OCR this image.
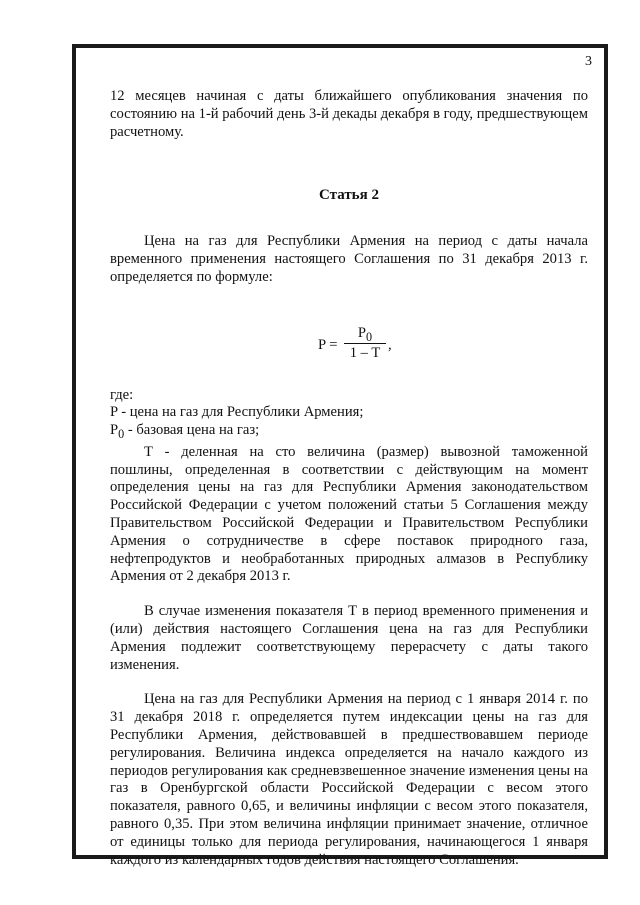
3

12 месяцев начиная с даты ближайшего опубликования значения по состоянию на 1-й рабочий день 3-й декады декабря в году, предшествующем расчетному.

Статья 2

Цена на газ для Республики Армения на период с даты начала временного применения настоящего Соглашения по 31 декабря 2013 г. определяется по формуле:

$P = \frac{P_0}{1 - T}$ ,

где:

P - цена на газ для Республики Армения;

$P_0$ - базовая цена на газ;

Т - деленная на сто величина (размер) вывозной таможенной пошлины, определенная в соответствии с действующим на момент определения цены на газ для Республики Армения законодательством Российской Федерации с учетом положений статьи 5 Соглашения между Правительством Российской Федерации и Правительством Республики Армения о сотрудничестве в сфере поставок природного газа, нефтепродуктов и необработанных природных алмазов в Республику Армения от 2 декабря 2013 г.

В случае изменения показателя Т в период временного применения и (или) действия настоящего Соглашения цена на газ для Республики Армения подлежит соответствующему перерасчету с даты такого изменения.

Цена на газ для Республики Армения на период с 1 января 2014 г. по 31 декабря 2018 г. определяется путем индексации цены на газ для Республики Армения, действовавшей в предшествовавшем периоде регулирования. Величина индекса определяется на начало каждого из периодов регулирования как средневзвешенное значение изменения цены на газ в Оренбургской области Российской Федерации с весом этого показателя, равного 0,65, и величины инфляции с весом этого показателя, равного 0,35. При этом величина инфляции принимает значение, отличное от единицы только для периода регулирования, начинающегося 1 января каждого из календарных годов действия настоящего Соглашения.
